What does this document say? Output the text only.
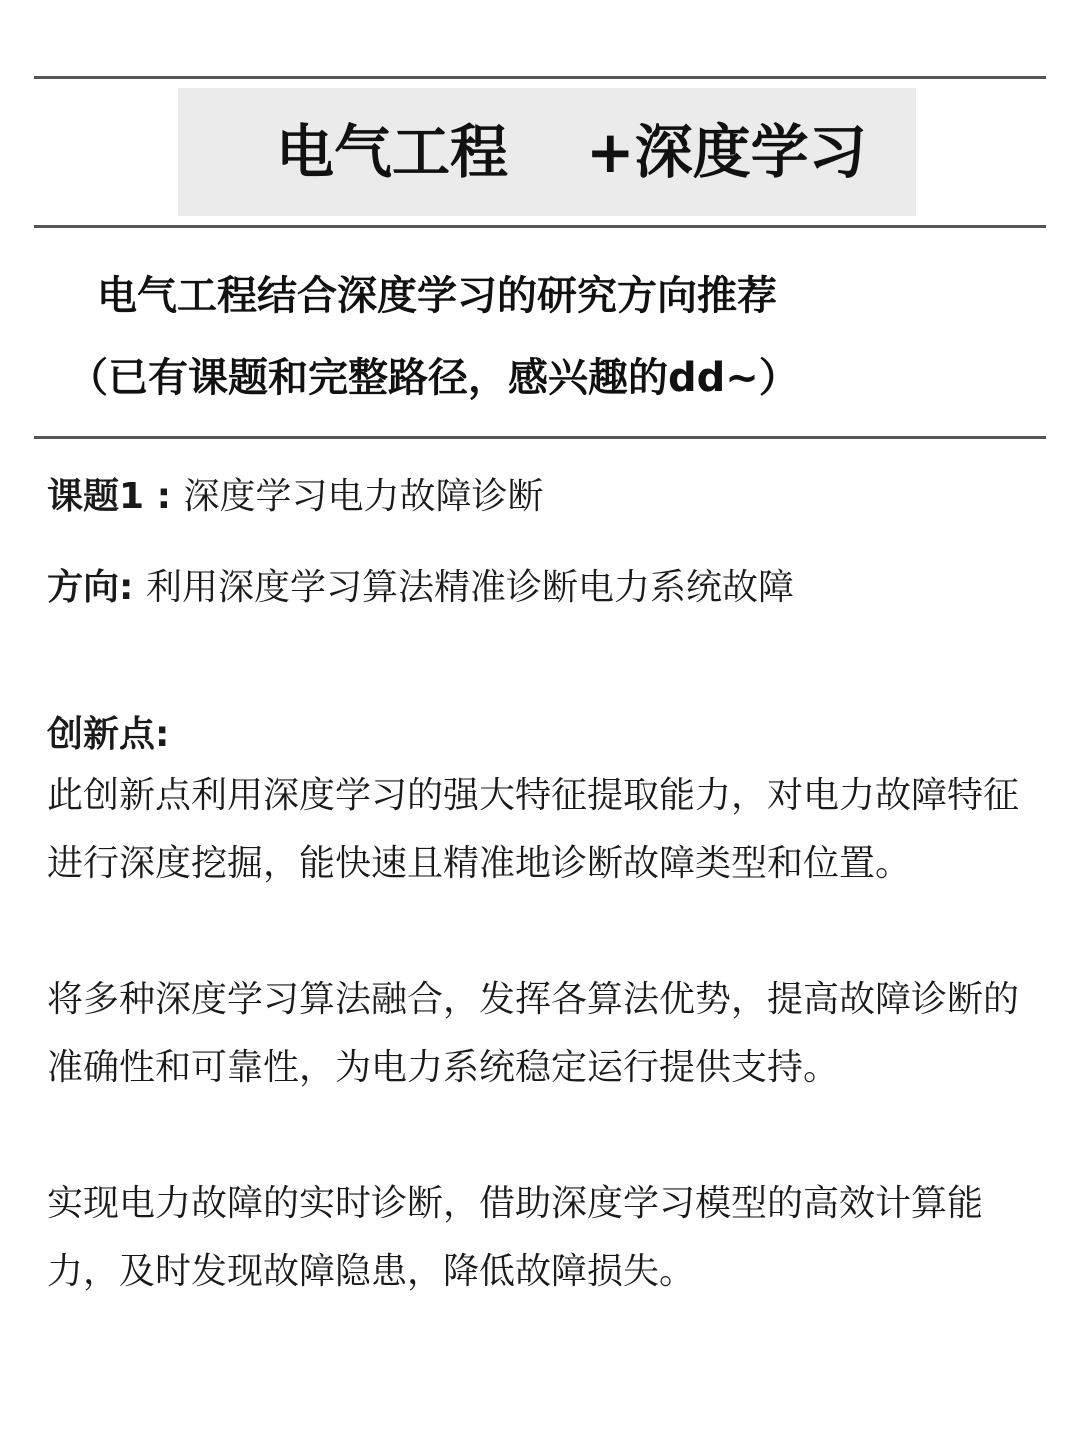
电气工程 +深度学习
电气工程结合深度学习的研究方向推荐
（已有课题和完整路径，感兴趣的dd~）
课题1 : 深度学习电力故障诊断
方向: 利用深度学习算法精准诊断电力系统故障
创新点:
此创新点利用深度学习的强大特征提取能力，对电力故障特征进行深度挖掘，能快速且精准地诊断故障类型和位置。
将多种深度学习算法融合，发挥各算法优势，提高故障诊断的准确性和可靠性，为电力系统稳定运行提供支持。
实现电力故障的实时诊断，借助深度学习模型的高效计算能力，及时发现故障隐患，降低故障损失。
